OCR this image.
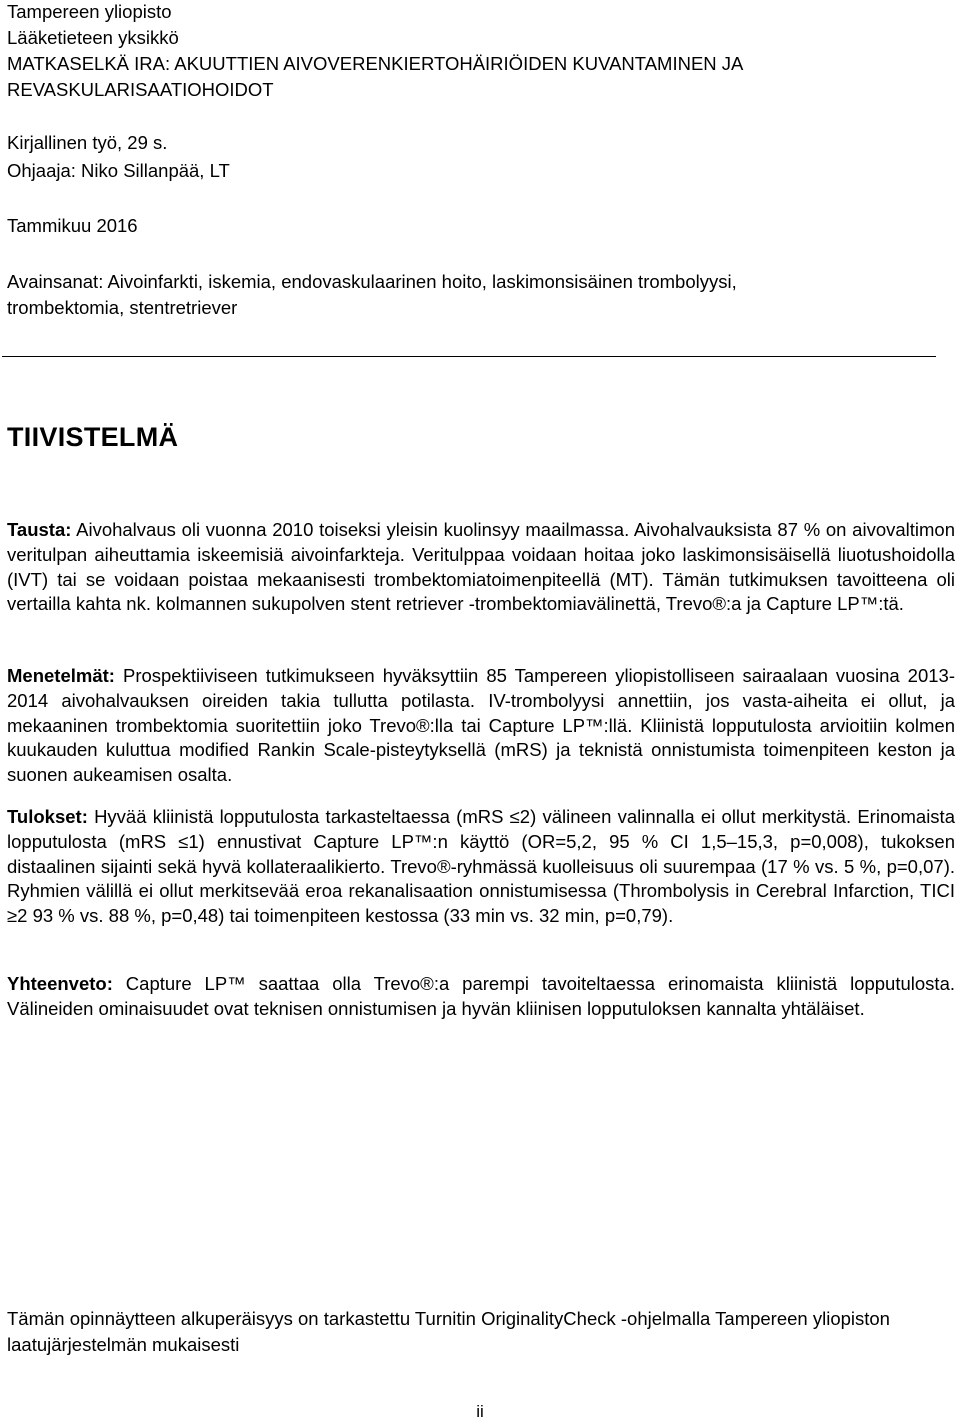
Tampereen yliopisto
Lääketieteen yksikkö
MATKASELKÄ IRA: AKUUTTIEN AIVOVERENKIERTOHÄIRIÖIDEN KUVANTAMINEN JA
REVASKULARISAATIOHOIDOT
Kirjallinen työ, 29 s.
Ohjaaja: Niko Sillanpää, LT
Tammikuu 2016
Avainsanat: Aivoinfarkti, iskemia, endovaskulaarinen hoito, laskimonsisäinen trombolyysi,
trombektomia, stentretriever
TIIVISTELMÄ

Tausta: Aivohalvaus oli vuonna 2010 toiseksi yleisin kuolinsyy maailmassa. Aivohalvauksista 87 % on aivovaltimon veritulpan aiheuttamia iskeemisiä aivoinfarkteja. Veritulppaa voidaan hoitaa joko laskimonsisäisellä liuotushoidolla (IVT) tai se voidaan poistaa mekaanisesti trombektomiatoimenpiteellä (MT). Tämän tutkimuksen tavoitteena oli vertailla kahta nk. kolmannen sukupolven stent retriever -trombektomiavälinettä, Trevo®:a ja Capture LP™:tä.

Menetelmät: Prospektiiviseen tutkimukseen hyväksyttiin 85 Tampereen yliopistolliseen sairaalaan vuosina 2013-2014 aivohalvauksen oireiden takia tullutta potilasta. IV-trombolyysi annettiin, jos vasta-aiheita ei ollut, ja mekaaninen trombektomia suoritettiin joko Trevo®:lla tai Capture LP™:llä. Kliinistä lopputulosta arvioitiin kolmen kuukauden kuluttua modified Rankin Scale-pisteytyksellä (mRS) ja teknistä onnistumista toimenpiteen keston ja suonen aukeamisen osalta.

Tulokset: Hyvää kliinistä lopputulosta tarkasteltaessa (mRS ≤2) välineen valinnalla ei ollut merkitystä. Erinomaista lopputulosta (mRS ≤1) ennustivat Capture LP™:n käyttö (OR=5,2, 95 % CI 1,5–15,3, p=0,008), tukoksen distaalinen sijainti sekä hyvä kollateraalikierto. Trevo®-ryhmässä kuolleisuus oli suurempaa (17 % vs. 5 %, p=0,07). Ryhmien välillä ei ollut merkitsevää eroa rekanalisaation onnistumisessa (Thrombolysis in Cerebral Infarction, TICI ≥2 93 % vs. 88 %, p=0,48) tai toimenpiteen kestossa (33 min vs. 32 min, p=0,79).

Yhteenveto: Capture LP™ saattaa olla Trevo®:a parempi tavoiteltaessa erinomaista kliinistä lopputulosta. Välineiden ominaisuudet ovat teknisen onnistumisen ja hyvän kliinisen lopputuloksen kannalta yhtäläiset.

Tämän opinnäytteen alkuperäisyys on tarkastettu Turnitin OriginalityCheck -ohjelmalla Tampereen yliopiston laatujärjestelmän mukaisesti
ii
